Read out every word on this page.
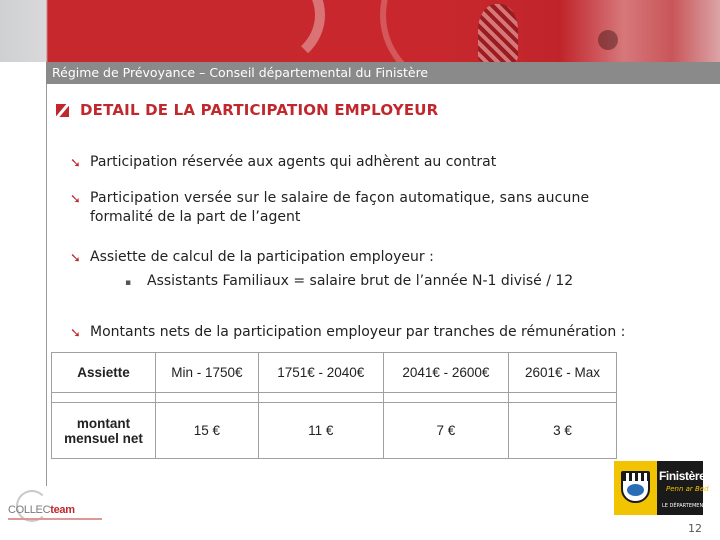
Régime de Prévoyance – Conseil départemental du Finistère
DETAIL DE LA PARTICIPATION EMPLOYEUR
➘ Participation réservée aux agents qui adhèrent au contrat
➘ Participation versée sur le salaire de façon automatique, sans aucune
formalité de la part de l’agent
➘ Assiette de calcul de la participation employeur :
▪ Assistants Familiaux = salaire brut de l’année N-1 divisé / 12
➘ Montants nets de la participation employeur par tranches de rémunération :
Assiette	Min - 1750€	1751€ - 2040€	2041€ - 2600€	2601€ - Max

montant
mensuel net	15 €	11 €	7 €	3 €
COLLECteam
Finistère
Penn ar Bed
LE DÉPARTEMENT
12
